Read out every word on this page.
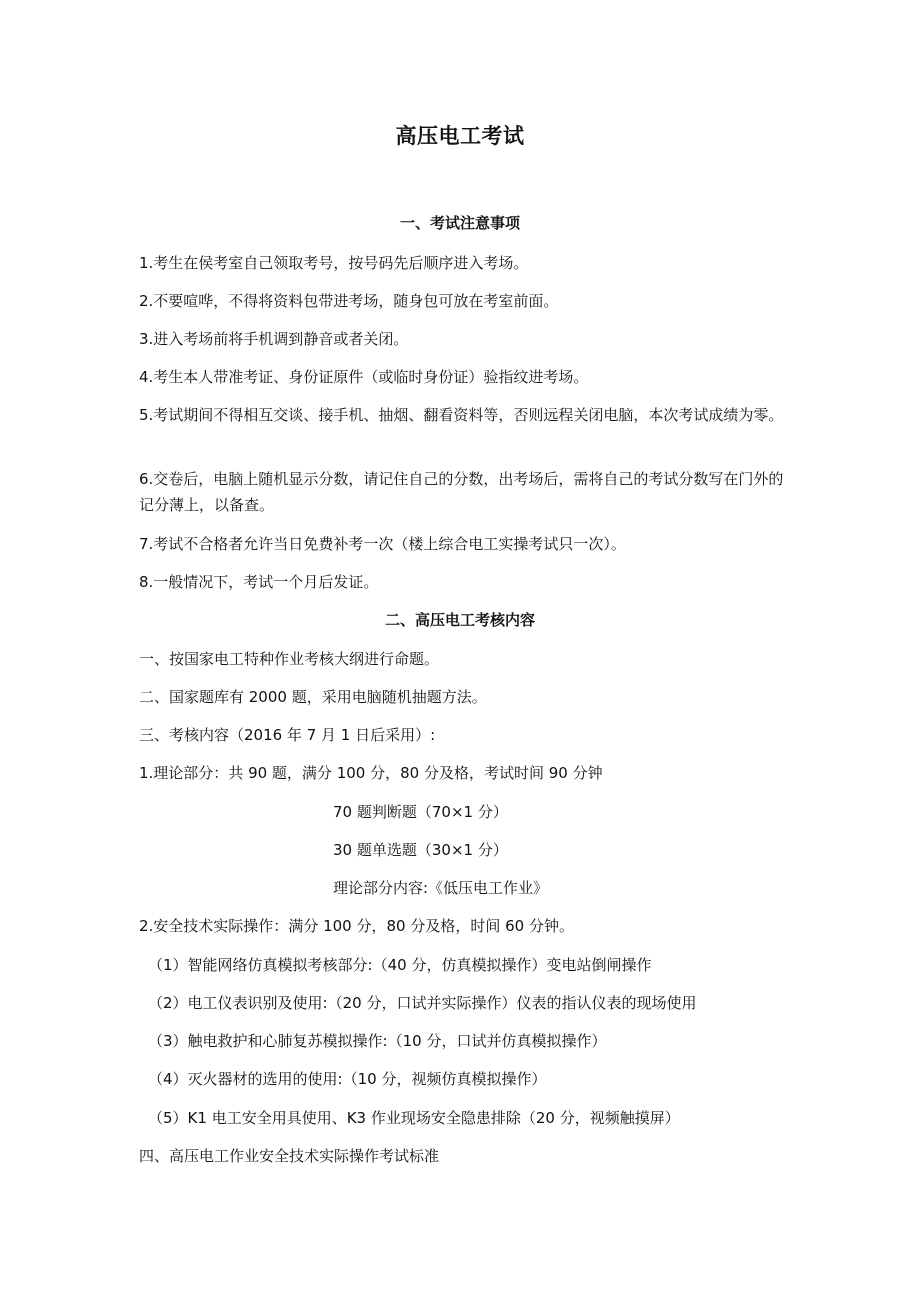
高压电工考试
一、考试注意事项
1.考生在侯考室自己领取考号，按号码先后顺序进入考场。
2.不要喧哗，不得将资料包带进考场，随身包可放在考室前面。
3.进入考场前将手机调到静音或者关闭。
4.考生本人带准考证、身份证原件（或临时身份证）验指纹进考场。
5.考试期间不得相互交谈、接手机、抽烟、翻看资料等，否则远程关闭电脑，本次考试成绩为零。
6.交卷后，电脑上随机显示分数，请记住自己的分数，出考场后，需将自己的考试分数写在门外的记分薄上，以备查。
7.考试不合格者允许当日免费补考一次（楼上综合电工实操考试只一次）。
8.一般情况下，考试一个月后发证。
二、高压电工考核内容
一、按国家电工特种作业考核大纲进行命题。
二、国家题库有 2000 题，采用电脑随机抽题方法。
三、考核内容（2016 年 7 月 1 日后采用）:
1.理论部分：共 90 题，满分 100 分，80 分及格，考试时间 90 分钟
70 题判断题（70×1 分）
30 题单选题（30×1 分）
理论部分内容:《低压电工作业》
2.安全技术实际操作：满分 100 分，80 分及格，时间 60 分钟。
（1）智能网络仿真模拟考核部分:（40 分，仿真模拟操作）变电站倒闸操作
（2）电工仪表识别及使用:（20 分，口试并实际操作）仪表的指认仪表的现场使用
（3）触电救护和心肺复苏模拟操作:（10 分，口试并仿真模拟操作）
（4）灭火器材的选用的使用:（10 分，视频仿真模拟操作）
（5）K1 电工安全用具使用、K3 作业现场安全隐患排除（20 分，视频触摸屏）
四、高压电工作业安全技术实际操作考试标准
